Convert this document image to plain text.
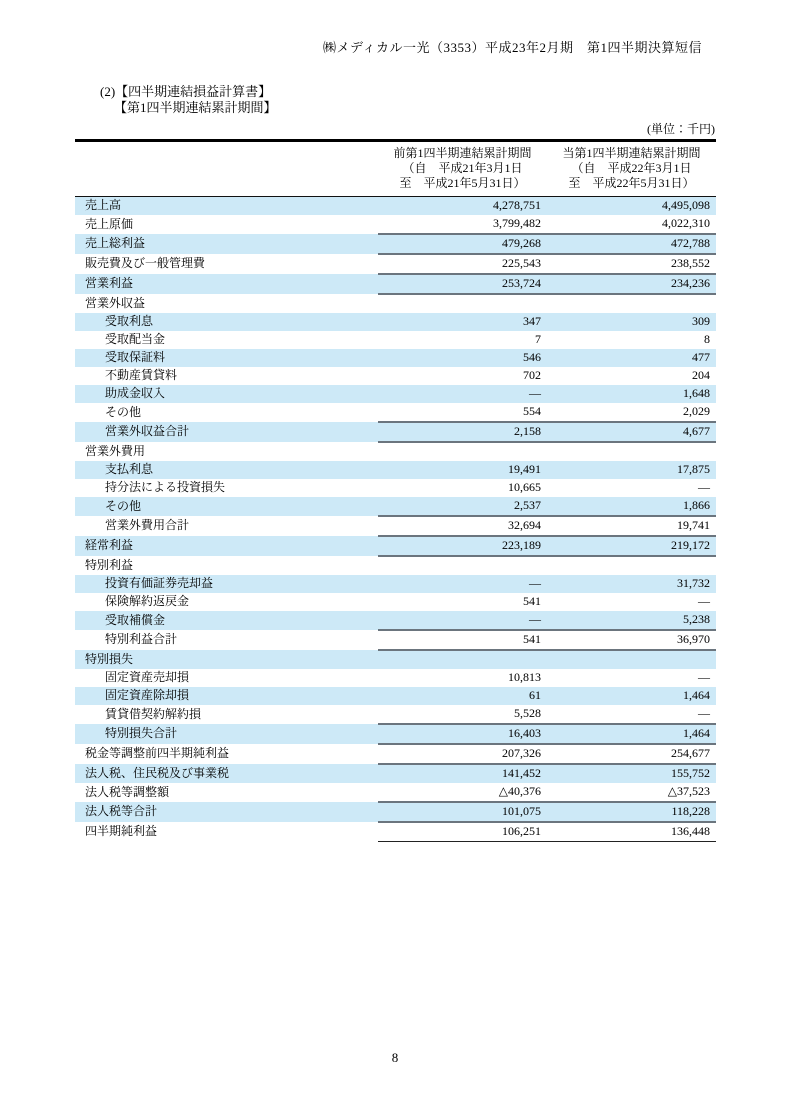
㈱メディカル一光（3353）平成23年2月期　第1四半期決算短信
(2)【四半期連結損益計算書】
【第1四半期連結累計期間】
(単位：千円)

	前第1四半期連結累計期間
（自　平成21年3月1日
至　平成21年5月31日）	当第1四半期連結累計期間
（自　平成22年3月1日
至　平成22年5月31日）

売上高	4,278,751	4,495,098
売上原価	3,799,482	4,022,310
売上総利益	479,268	472,788
販売費及び一般管理費	225,543	238,552
営業利益	253,724	234,236
営業外収益		
受取利息	347	309
受取配当金	7	8
受取保証料	546	477
不動産賃貸料	702	204
助成金収入	―	1,648
その他	554	2,029
営業外収益合計	2,158	4,677
営業外費用		
支払利息	19,491	17,875
持分法による投資損失	10,665	―
その他	2,537	1,866
営業外費用合計	32,694	19,741
経常利益	223,189	219,172
特別利益		
投資有価証券売却益	―	31,732
保険解約返戻金	541	―
受取補償金	―	5,238
特別利益合計	541	36,970
特別損失		
固定資産売却損	10,813	―
固定資産除却損	61	1,464
賃貸借契約解約損	5,528	―
特別損失合計	16,403	1,464
税金等調整前四半期純利益	207,326	254,677
法人税、住民税及び事業税	141,452	155,752
法人税等調整額	△40,376	△37,523
法人税等合計	101,075	118,228
四半期純利益	106,251	136,448
8
